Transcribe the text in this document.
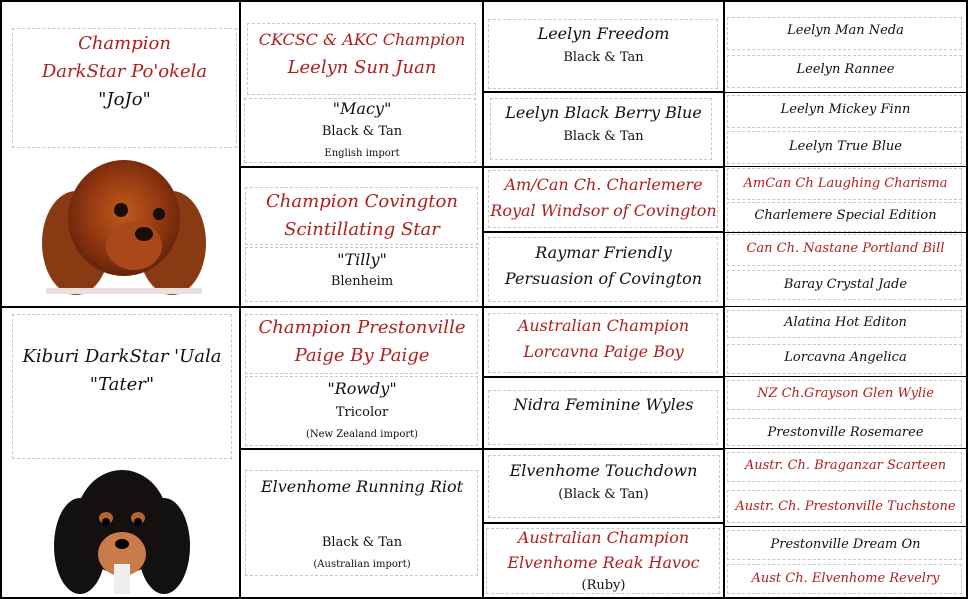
Champion
DarkStar Po'okela
"JoJo"
Kiburi DarkStar 'Uala
"Tater"
CKCSC & AKC Champion
Leelyn Sun Juan
"Macy"
Black & Tan
English import
Champion Covington
Scintillating Star
"Tilly"
Blenheim
Champion Prestonville
Paige By Paige
"Rowdy"
Tricolor
(New Zealand import)
Elvenhome Running Riot
Black & Tan
(Australian import)
Leelyn Freedom
Black & Tan
Leelyn Black Berry Blue
Black & Tan
Am/Can Ch. Charlemere
Royal Windsor of Covington
Raymar Friendly
Persuasion of Covington
Australian Champion
Lorcavna Paige Boy
Nidra Feminine Wyles
Elvenhome Touchdown
(Black & Tan)
Australian Champion
Elvenhome Reak Havoc
(Ruby)
Leelyn Man Neda
Leelyn Rannee
Leelyn Mickey Finn
Leelyn True Blue
AmCan Ch Laughing Charisma
Charlemere Special Edition
Can Ch. Nastane Portland Bill
Baray Crystal Jade
Alatina Hot Editon
Lorcavna Angelica
NZ Ch.Grayson Glen Wylie
Prestonville Rosemaree
Austr. Ch. Braganzar Scarteen
Austr. Ch. Prestonville Tuchstone
Prestonville Dream On
Aust Ch. Elvenhome Revelry
